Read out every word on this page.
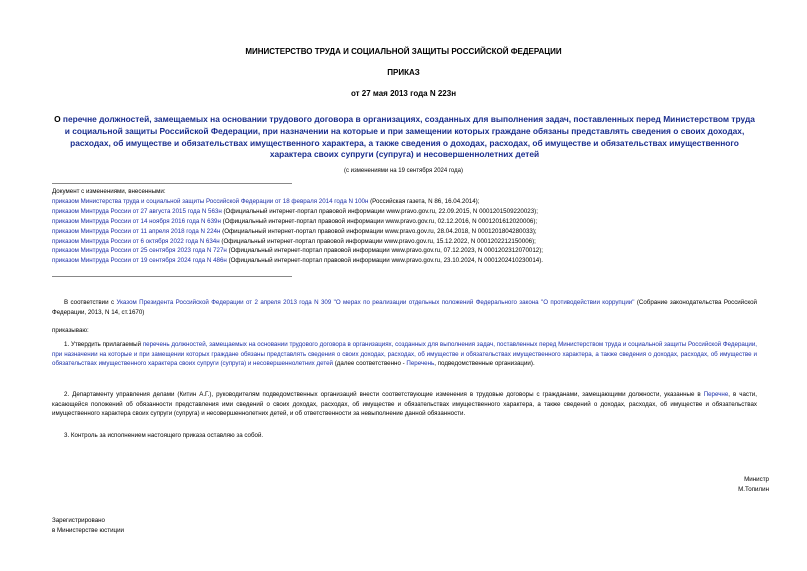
МИНИСТЕРСТВО ТРУДА И СОЦИАЛЬНОЙ ЗАЩИТЫ РОССИЙСКОЙ ФЕДЕРАЦИИ
ПРИКАЗ
от 27 мая 2013 года N 223н
О перечне должностей, замещаемых на основании трудового договора в организациях, созданных для выполнения задач, поставленных перед Министерством труда и социальной защиты Российской Федерации, при назначении на которые и при замещении которых граждане обязаны представлять сведения о своих доходах, расходах, об имуществе и обязательствах имущественного характера, а также сведения о доходах, расходах, об имуществе и обязательствах имущественного характера своих супруги (супруга) и несовершеннолетних детей
(с изменениями на 19 сентября 2024 года)
Документ с изменениями, внесенными:
приказом Министерства труда и социальной защиты Российской Федерации от 18 февраля 2014 года N 100н (Российская газета, N 86, 16.04.2014);
приказом Минтруда России от 27 августа 2015 года N 563н (Официальный интернет-портал правовой информации www.pravo.gov.ru, 22.09.2015, N 0001201509220023);
приказом Минтруда России от 14 ноября 2016 года N 639н (Официальный интернет-портал правовой информации www.pravo.gov.ru, 02.12.2016, N 0001201612020006);
приказом Минтруда России от 11 апреля 2018 года N 224н (Официальный интернет-портал правовой информации www.pravo.gov.ru, 28.04.2018, N 0001201804280033);
приказом Минтруда России от 6 октября 2022 года N 634н (Официальный интернет-портал правовой информации www.pravo.gov.ru, 15.12.2022, N 0001202212150006);
приказом Минтруда России от 25 сентября 2023 года N 727н (Официальный интернет-портал правовой информации www.pravo.gov.ru, 07.12.2023, N 0001202312070012);
приказом Минтруда России от 19 сентября 2024 года N 486н (Официальный интернет-портал правовой информации www.pravo.gov.ru, 23.10.2024, N 0001202410230014).
В соответствии с Указом Президента Российской Федерации от 2 апреля 2013 года N 309 "О мерах по реализации отдельных положений Федерального закона "О противодействии коррупции" (Собрание законодательства Российской Федерации, 2013, N 14, ст.1670)
приказываю:
1. Утвердить прилагаемый перечень должностей, замещаемых на основании трудового договора в организациях, созданных для выполнения задач, поставленных перед Министерством труда и социальной защиты Российской Федерации, при назначении на которые и при замещении которых граждане обязаны представлять сведения о своих доходах, расходах, об имуществе и обязательствах имущественного характера, а также сведения о доходах, расходах, об имуществе и обязательствах имущественного характера своих супруги (супруга) и несовершеннолетних детей (далее соответственно - Перечень, подведомственные организации).
2. Департаменту управления делами (Китин А.Г.), руководителям подведомственных организаций внести соответствующие изменения в трудовые договоры с гражданами, замещающими должности, указанные в Перечне, в части, касающейся положений об обязанности представления ими сведений о своих доходах, расходах, об имуществе и обязательствах имущественного характера, а также сведений о доходах, расходах, об имуществе и обязательствах имущественного характера своих супруги (супруга) и несовершеннолетних детей, и об ответственности за невыполнение данной обязанности.
3. Контроль за исполнением настоящего приказа оставляю за собой.
Министр
М.Топилин
Зарегистрировано
в Министерстве юстиции
